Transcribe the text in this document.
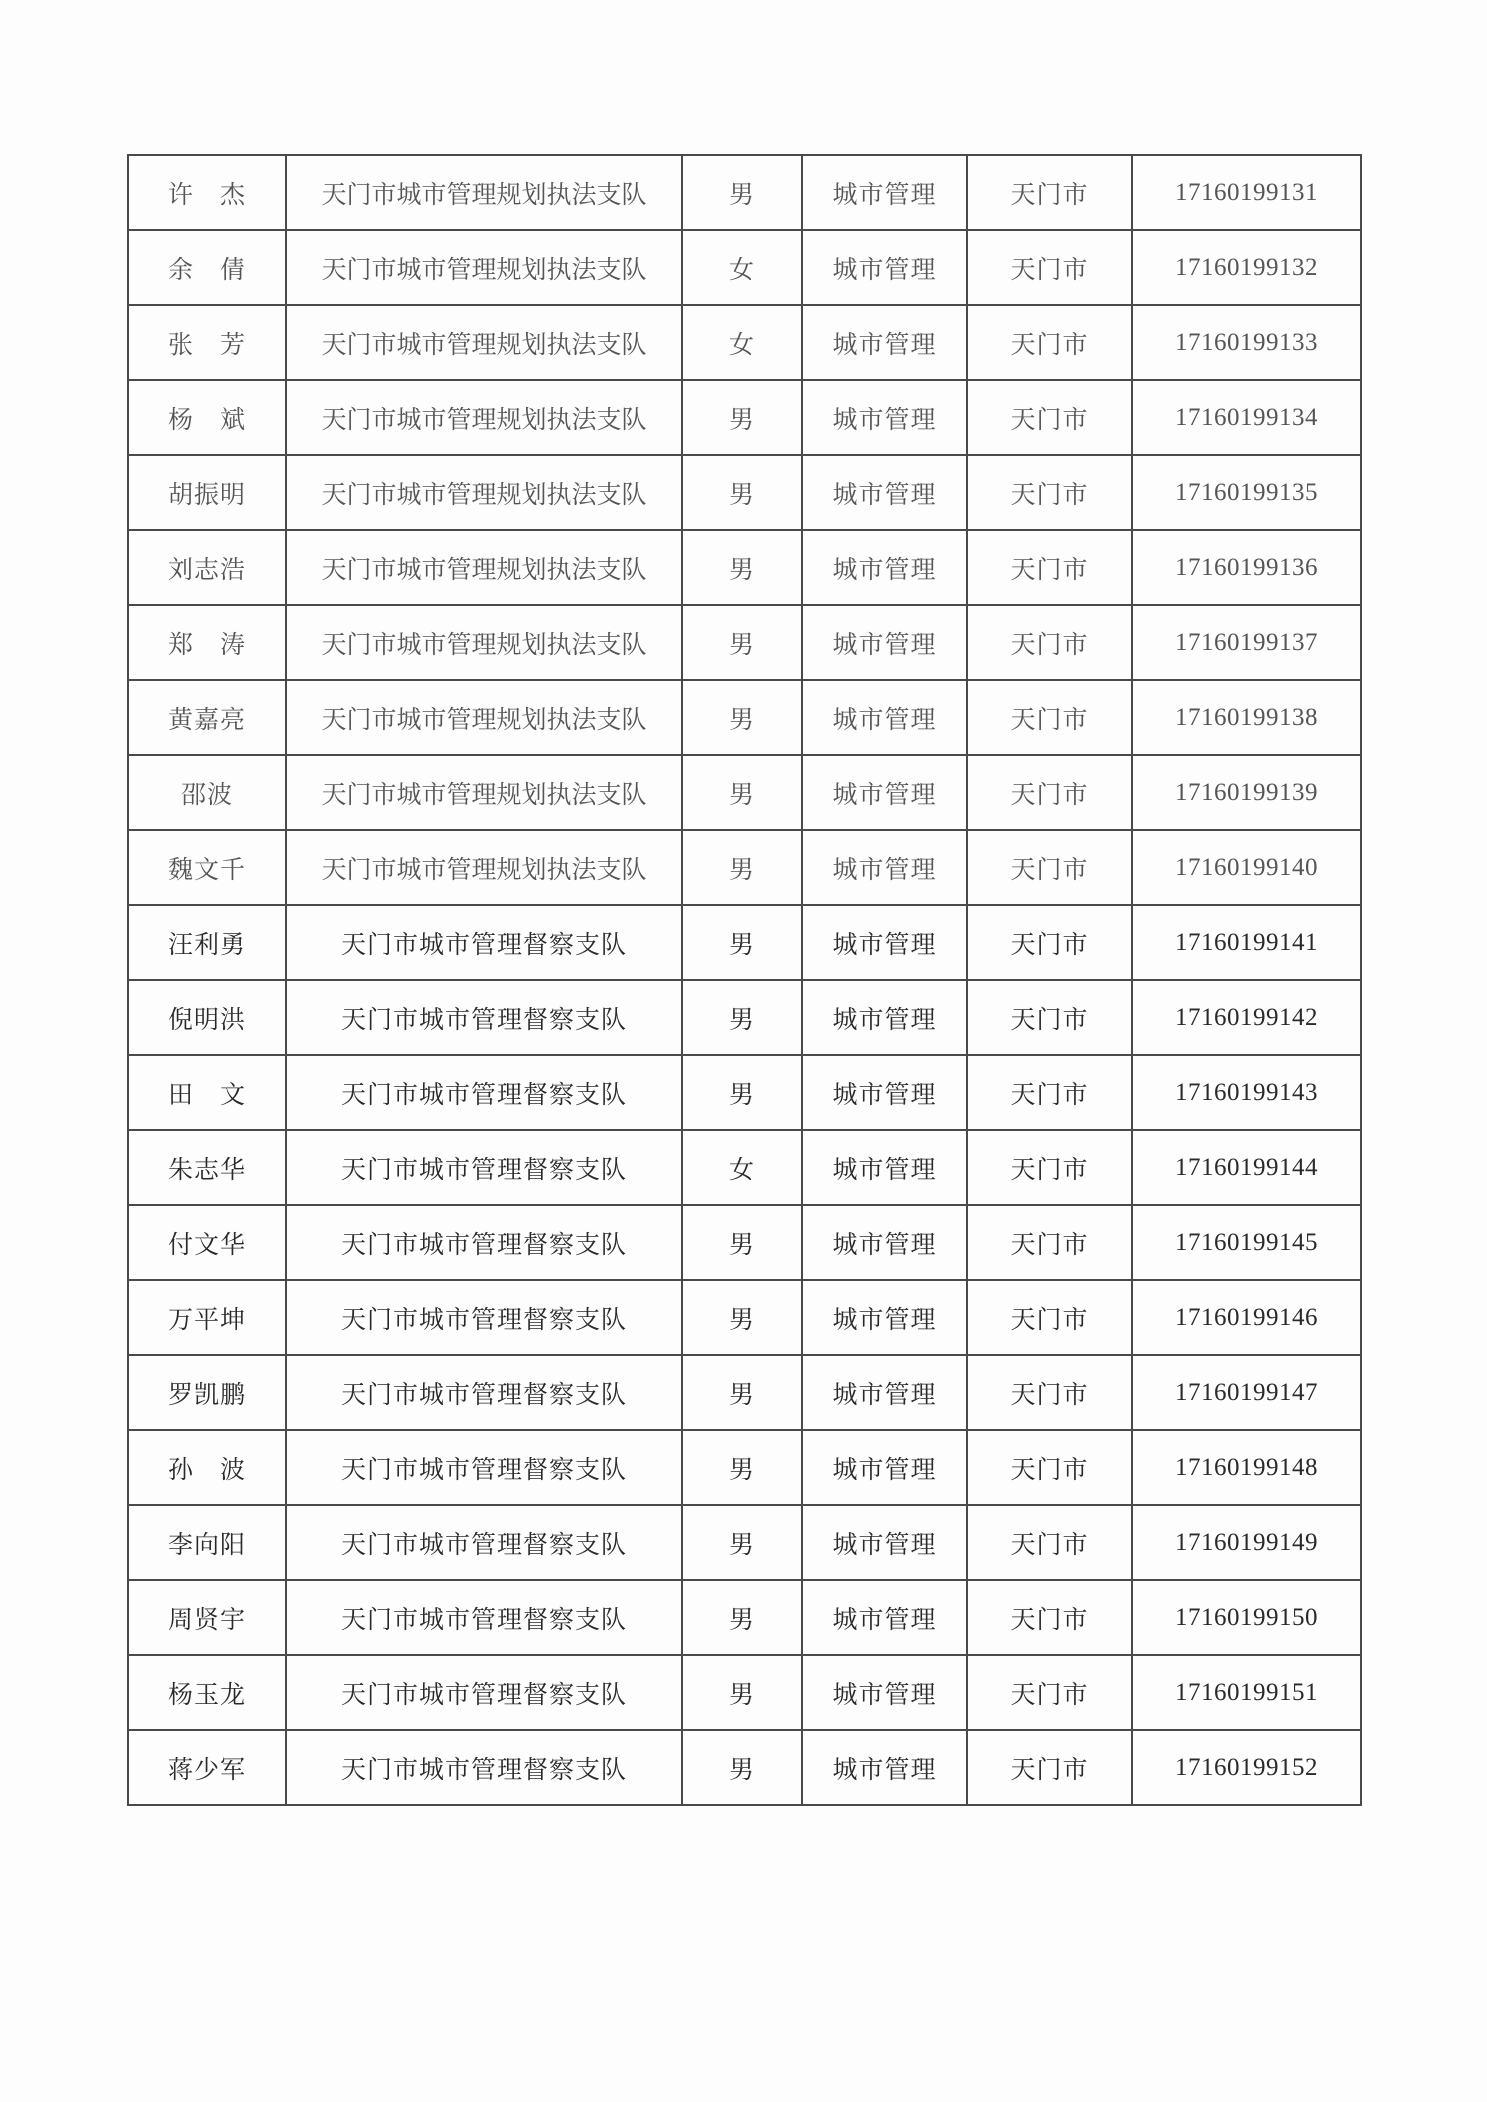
许　杰	天门市城市管理规划执法支队	男	城市管理	天门市	17160199131
余　倩	天门市城市管理规划执法支队	女	城市管理	天门市	17160199132
张　芳	天门市城市管理规划执法支队	女	城市管理	天门市	17160199133
杨　斌	天门市城市管理规划执法支队	男	城市管理	天门市	17160199134
胡振明	天门市城市管理规划执法支队	男	城市管理	天门市	17160199135
刘志浩	天门市城市管理规划执法支队	男	城市管理	天门市	17160199136
郑　涛	天门市城市管理规划执法支队	男	城市管理	天门市	17160199137
黄嘉亮	天门市城市管理规划执法支队	男	城市管理	天门市	17160199138
邵波	天门市城市管理规划执法支队	男	城市管理	天门市	17160199139
魏文千	天门市城市管理规划执法支队	男	城市管理	天门市	17160199140
汪利勇	天门市城市管理督察支队	男	城市管理	天门市	17160199141
倪明洪	天门市城市管理督察支队	男	城市管理	天门市	17160199142
田　文	天门市城市管理督察支队	男	城市管理	天门市	17160199143
朱志华	天门市城市管理督察支队	女	城市管理	天门市	17160199144
付文华	天门市城市管理督察支队	男	城市管理	天门市	17160199145
万平坤	天门市城市管理督察支队	男	城市管理	天门市	17160199146
罗凯鹏	天门市城市管理督察支队	男	城市管理	天门市	17160199147
孙　波	天门市城市管理督察支队	男	城市管理	天门市	17160199148
李向阳	天门市城市管理督察支队	男	城市管理	天门市	17160199149
周贤宇	天门市城市管理督察支队	男	城市管理	天门市	17160199150
杨玉龙	天门市城市管理督察支队	男	城市管理	天门市	17160199151
蒋少军	天门市城市管理督察支队	男	城市管理	天门市	17160199152
